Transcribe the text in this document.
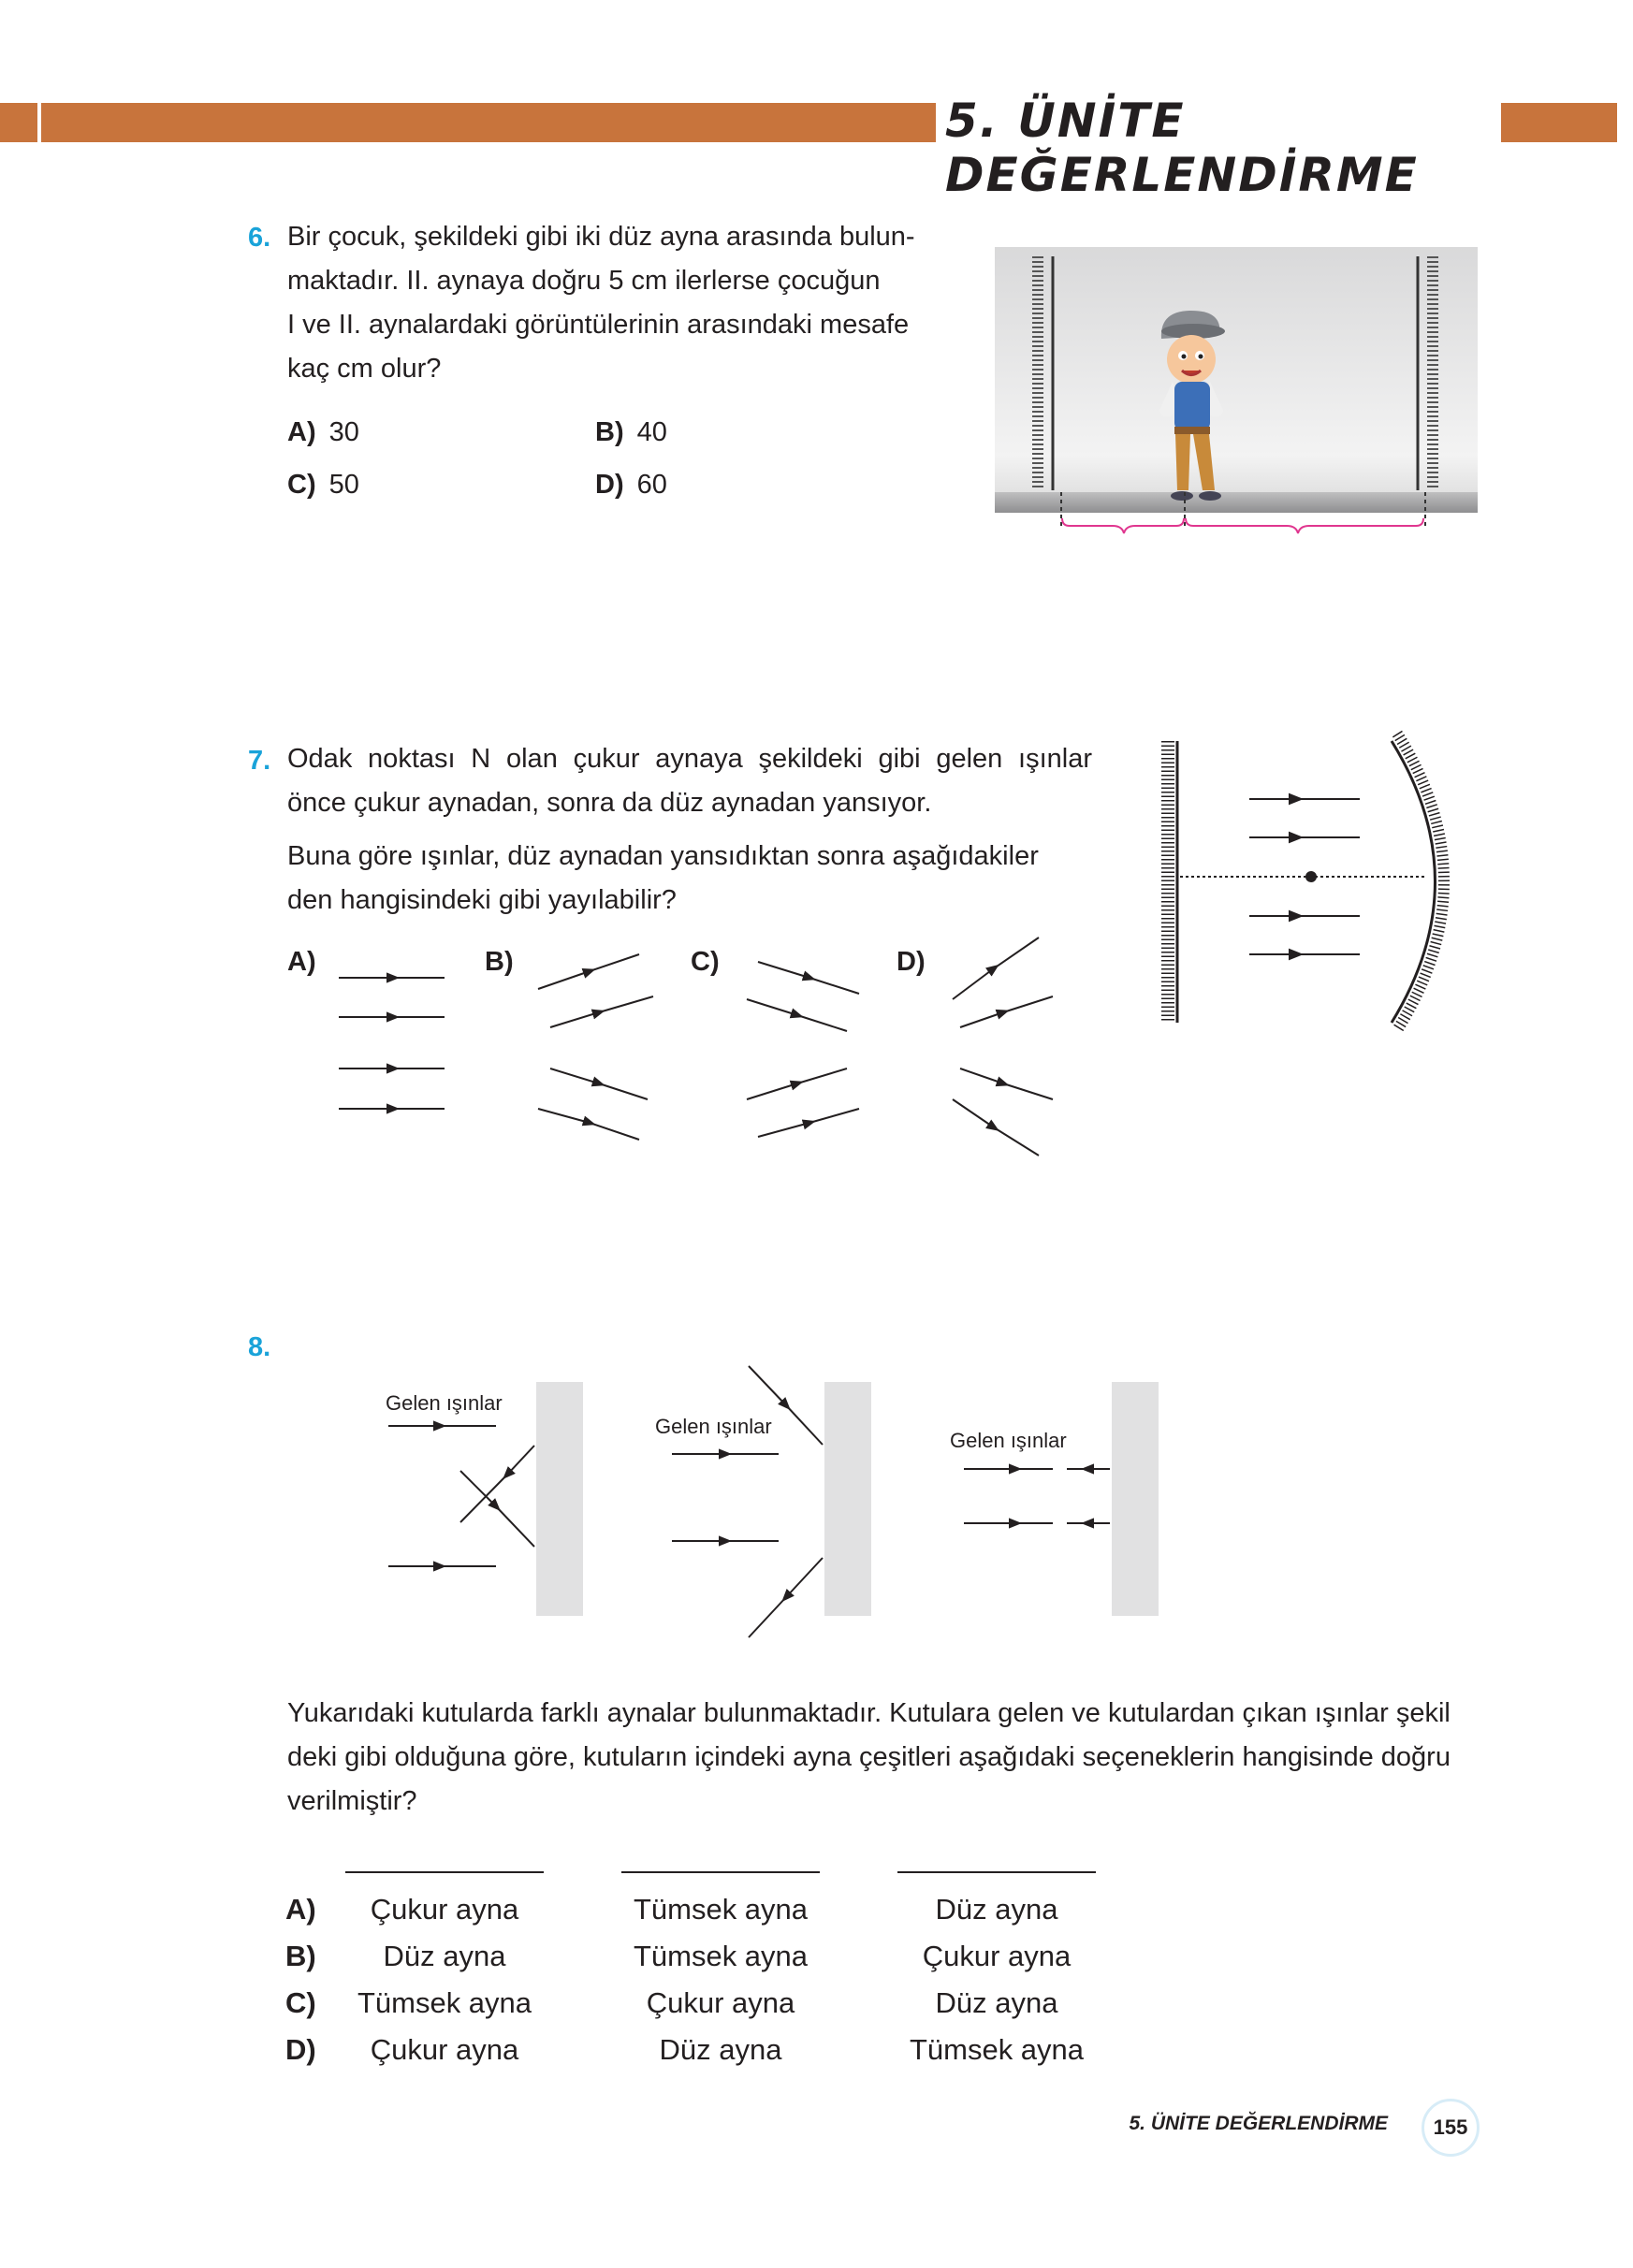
5. ÜNİTE DEĞERLENDİRME
6. Bir çocuk, şekildeki gibi iki düz ayna arasında bulun-
maktadır. II. aynaya doğru 5 cm ilerlerse çocuğun
I ve II. aynalardaki görüntülerinin arasındaki mesafe
kaç cm olur?
A) 30	B) 40
C) 50	D) 60
7. Odak noktası N olan çukur aynaya şekildeki gibi gelen ışınlar
önce çukur aynadan, sonra da düz aynadan yansıyor.
Buna göre ışınlar, düz aynadan yansıdıktan sonra aşağıdakiler
den hangisindeki gibi yayılabilir?
A)	B)	C)	D)
8.
Gelen ışınlar
Gelen ışınlar
Gelen ışınlar
Yukarıdaki kutularda farklı aynalar bulunmaktadır. Kutulara gelen ve kutulardan çıkan ışınlar şekil
deki gibi olduğuna göre, kutuların içindeki ayna çeşitleri aşağıdaki seçeneklerin hangisinde doğru
verilmiştir?
A)	Çukur ayna	Tümsek ayna	Düz ayna
B)	Düz ayna	Tümsek ayna	Çukur ayna
C)	Tümsek ayna	Çukur ayna	Düz ayna
D)	Çukur ayna	Düz ayna	Tümsek ayna
5. ÜNİTE DEĞERLENDİRME	155
